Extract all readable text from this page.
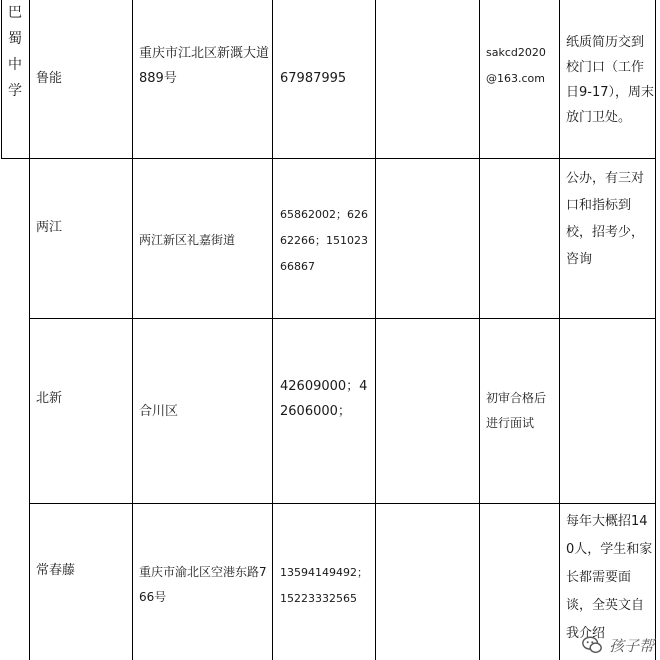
巴
蜀
中
学
鲁能
重庆市江北区新溉大道889号	67987995
sakcd2020@163.com
纸质简历交到校门口（工作日9-17），周末放门卫处。
两江
两江新区礼嘉街道
65862002；62662266；15102366867
公办，有三对口和指标到校，招考少，咨询
北新
合川区
42609000；42606000；
初审合格后进行面试
常春藤	重庆市渝北区空港东路766号
13594149492；15223332565
每年大概招140人，学生和家长都需要面谈，全英文自我介绍
孩子帮
